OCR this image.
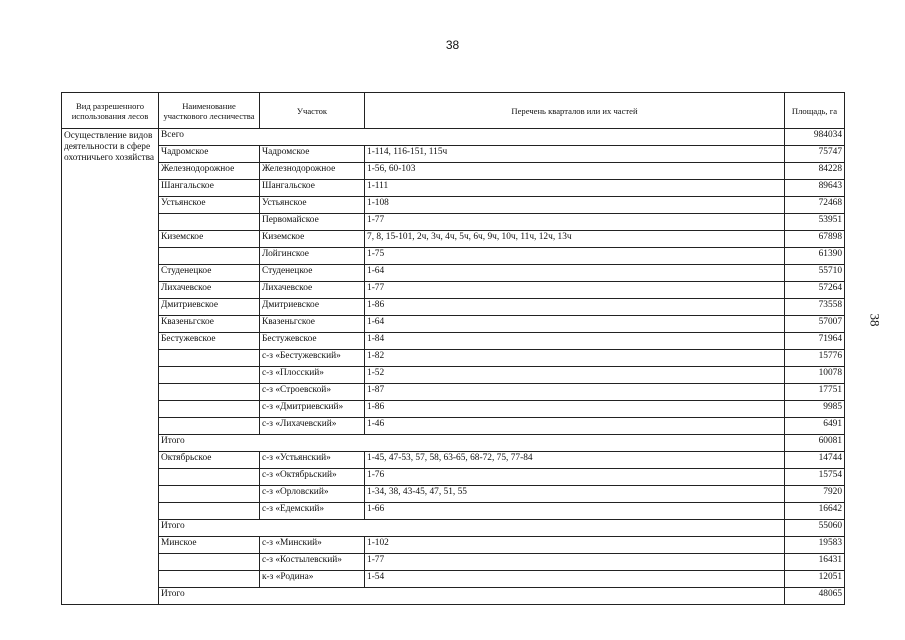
38
38
Вид разрешенного использования лесов	Наименование участкового лесничества	Участок	Перечень кварталов или их частей	Площадь, га
Осуществление видов деятельности в сфере охотничьего хозяйства	Всего			984034
	Чадромское	Чадромское	1-114, 116-151, 115ч	75747
	Железнодорожное	Железнодорожное	1-56, 60-103	84228
	Шангальское	Шангальское	1-111	89643
	Устьянское	Устьянское	1-108	72468
		Первомайское	1-77	53951
	Киземское	Киземское	7, 8, 15-101, 2ч, 3ч, 4ч, 5ч, 6ч, 9ч, 10ч, 11ч, 12ч, 13ч	67898
		Лойгинское	1-75	61390
	Студенецкое	Студенецкое	1-64	55710
	Лихачевское	Лихачевское	1-77	57264
	Дмитриевское	Дмитриевское	1-86	73558
	Квазеньгское	Квазеньгское	1-64	57007
	Бестужевское	Бестужевское	1-84	71964
		с-з «Бестужевский»	1-82	15776
		с-з «Плосский»	1-52	10078
		с-з «Строевской»	1-87	17751
		с-з «Дмитриевский»	1-86	9985
		с-з «Лихачевский»	1-46	6491
	Итого			60081
	Октябрьское	с-з «Устьянский»	1-45, 47-53, 57, 58, 63-65, 68-72, 75, 77-84	14744
		с-з «Октябрьский»	1-76	15754
		с-з «Орловский»	1-34, 38, 43-45, 47, 51, 55	7920
		с-з «Едемский»	1-66	16642
	Итого			55060
	Минское	с-з «Минский»	1-102	19583
		с-з «Костылевский»	1-77	16431
		к-з «Родина»	1-54	12051
	Итого			48065
